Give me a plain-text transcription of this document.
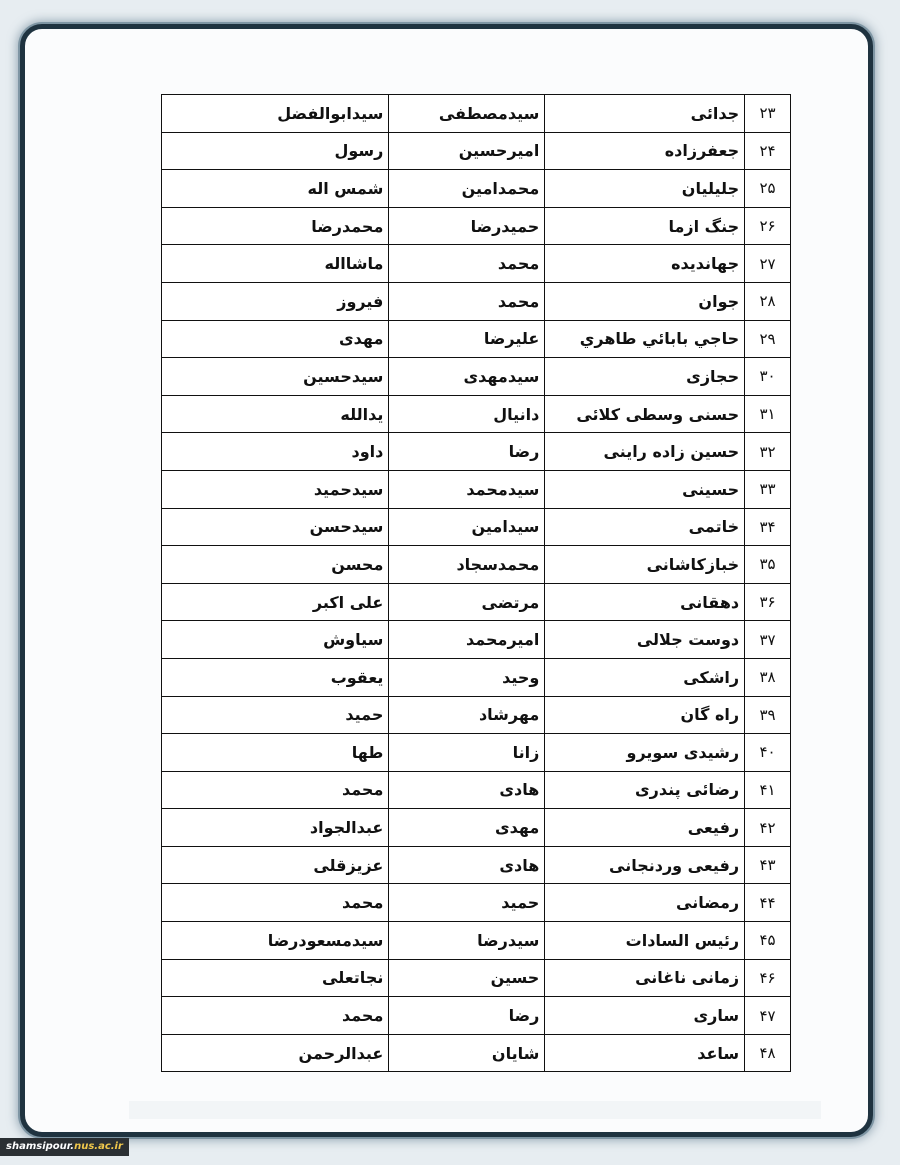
۲۳	جدائی	سیدمصطفی	سیدابوالفضل
۲۴	جعفرزاده	امیرحسین	رسول
۲۵	جلیلیان	محمدامین	شمس اله
۲۶	جنگ ازما	حمیدرضا	محمدرضا
۲۷	جهاندیده	محمد	ماشااله
۲۸	جوان	محمد	فیروز
۲۹	حاجي بابائي طاهري	علیرضا	مهدی
۳۰	حجازی	سیدمهدی	سیدحسین
۳۱	حسنی وسطی کلائی	دانیال	یدالله
۳۲	حسین زاده راینی	رضا	داود
۳۳	حسینی	سیدمحمد	سیدحمید
۳۴	خاتمی	سیدامین	سیدحسن
۳۵	خبازکاشانی	محمدسجاد	محسن
۳۶	دهقانی	مرتضی	علی اکبر
۳۷	دوست جلالی	امیرمحمد	سیاوش
۳۸	راشکی	وحید	یعقوب
۳۹	راه گان	مهرشاد	حمید
۴۰	رشیدی سویرو	زانا	طها
۴۱	رضائی پندری	هادی	محمد
۴۲	رفیعی	مهدی	عبدالجواد
۴۳	رفیعی وردنجانی	هادی	عزیزقلی
۴۴	رمضانی	حمید	محمد
۴۵	رئیس السادات	سیدرضا	سیدمسعودرضا
۴۶	زمانی ناغانی	حسین	نجاتعلی
۴۷	ساری	رضا	محمد
۴۸	ساعد	شایان	عبدالرحمن
shamsipour.nus.ac.ir
